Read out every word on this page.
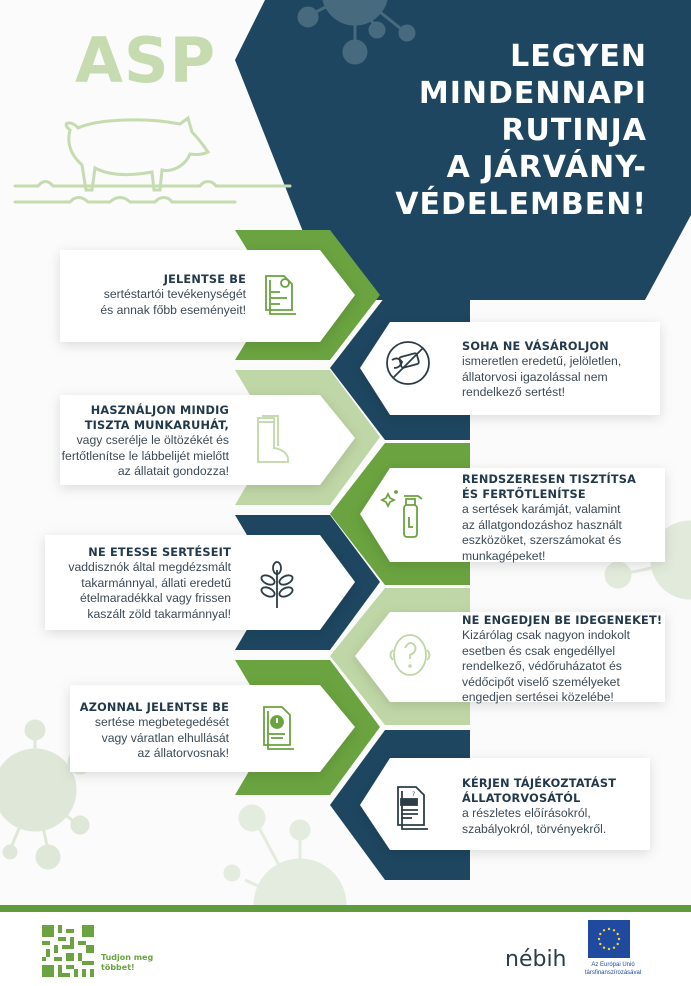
?
ASP	LEGYEN
MINDENNAPI
RUTINJA
A JÁRVÁNY-
VÉDELEMBEN!
JELENTSE BE
sertéstartói tevékenységét
és annak főbb eseményeit!
SOHA NE VÁSÁROLJON
ismeretlen eredetű, jelöletlen,
állatorvosi igazolással nem
rendelkező sertést!
HASZNÁLJON MINDIG
TISZTA MUNKARUHÁT,
vagy cserélje le öltözékét és
fertőtlenítse le lábbelijét mielőtt
az állatait gondozza!
RENDSZERESEN TISZTÍTSA
ÉS FERTŐTLENÍTSE
a sertések karámját, valamint
az állatgondozáshoz használt
eszközöket, szerszámokat és
munkagépeket!
NE ETESSE SERTÉSEIT
vaddisznók által megdézsmált
takarmánnyal, állati eredetű
ételmaradékkal vagy frissen
kaszált zöld takarmánnyal!	NE ENGEDJEN BE IDEGENEKET!
Kizárólag csak nagyon indokolt
esetben és csak engedéllyel
rendelkező, védőruházatot és
védőcipőt viselő személyeket
engedjen sertései közelébe!
AZONNAL JELENTSE BE
sertése megbetegedését
vagy váratlan elhullását
az állatorvosnak!
KÉRJEN TÁJÉKOZTATÁST
ÁLLATORVOSÁTÓL
a részletes előírásokról,
szabályokról, törvényekről.
Tudjon meg
többet!	nébih	Az Európai Unió
társfinanszírozásával
